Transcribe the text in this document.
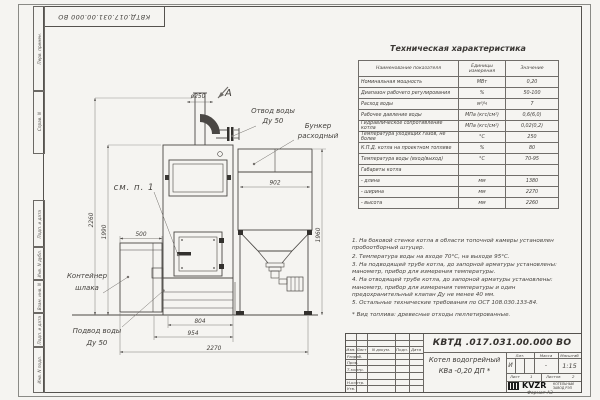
КВТД.017.031.00.000 ВО
Перв. примен.
Справ. N
Подп. и дата
Инв. N дубл.
Взам. инв. N
Подп. и дата
Инв. N подл.
А
ø250
Отвод воды
Ду 50
Бункер
расходный
см. п. 1
Контейнер
шлака
Подвод воды
Ду 50
500
902
804
954
2270
2260
1990	1960
Техническая характеристика
Наименование показателя	Единицы измерения	Значение
Номинальная мощность	МВт	0,20
Диапазон рабочего регулирования	%	50-100
Расход воды	м³/ч	7
Рабочее давление воды	МПа (кгс/см²)	0,6(6,0)
Гидравлическое сопротивление котла	МПа (кгс/см²)	0,02(0,2)
Температура уходящих газов, не более	°С	250
К.П.Д. котла на проектном топливе	%	80
Температура воды (вход/выход)	°С	70-95
Габариты котла		
- длина	мм	1380
- ширина	мм	2270
- высота	мм	2260

1. На боковой стенке котла в области топочной камеры установлен пробоотборный штуцер.

2. Температура воды на входе 70°С, на выходе 95°С.

3. На подводящей трубе котла, до запорной арматуры установлены: манометр, прибор для измерения температуры.

4. На отводящей трубе котла, до запорной арматуры установлены: манометр, прибор для измерения температуры и один предохранительный клапан Ду не менее 40 мм.

5. Остальные технические требования по ОСТ 108.030.133-84.

* Вид топлива: древесные отходы пеллетированные.

КВТД .017.031.00.000 ВО
Котел водогрейный
КВа -0,20 ДП *
Изм. Лист	N докум.	Подп. Дата
Разраб.
Пров.
Т.контр.
Н.контр.
Утв.
Лит.	Масса	Масштаб
И	-	1:15
Лист	1	Листов	2
KVZR КОТЕЛЬНЫЙ
ЗАВОД РЭП
Формат А3
